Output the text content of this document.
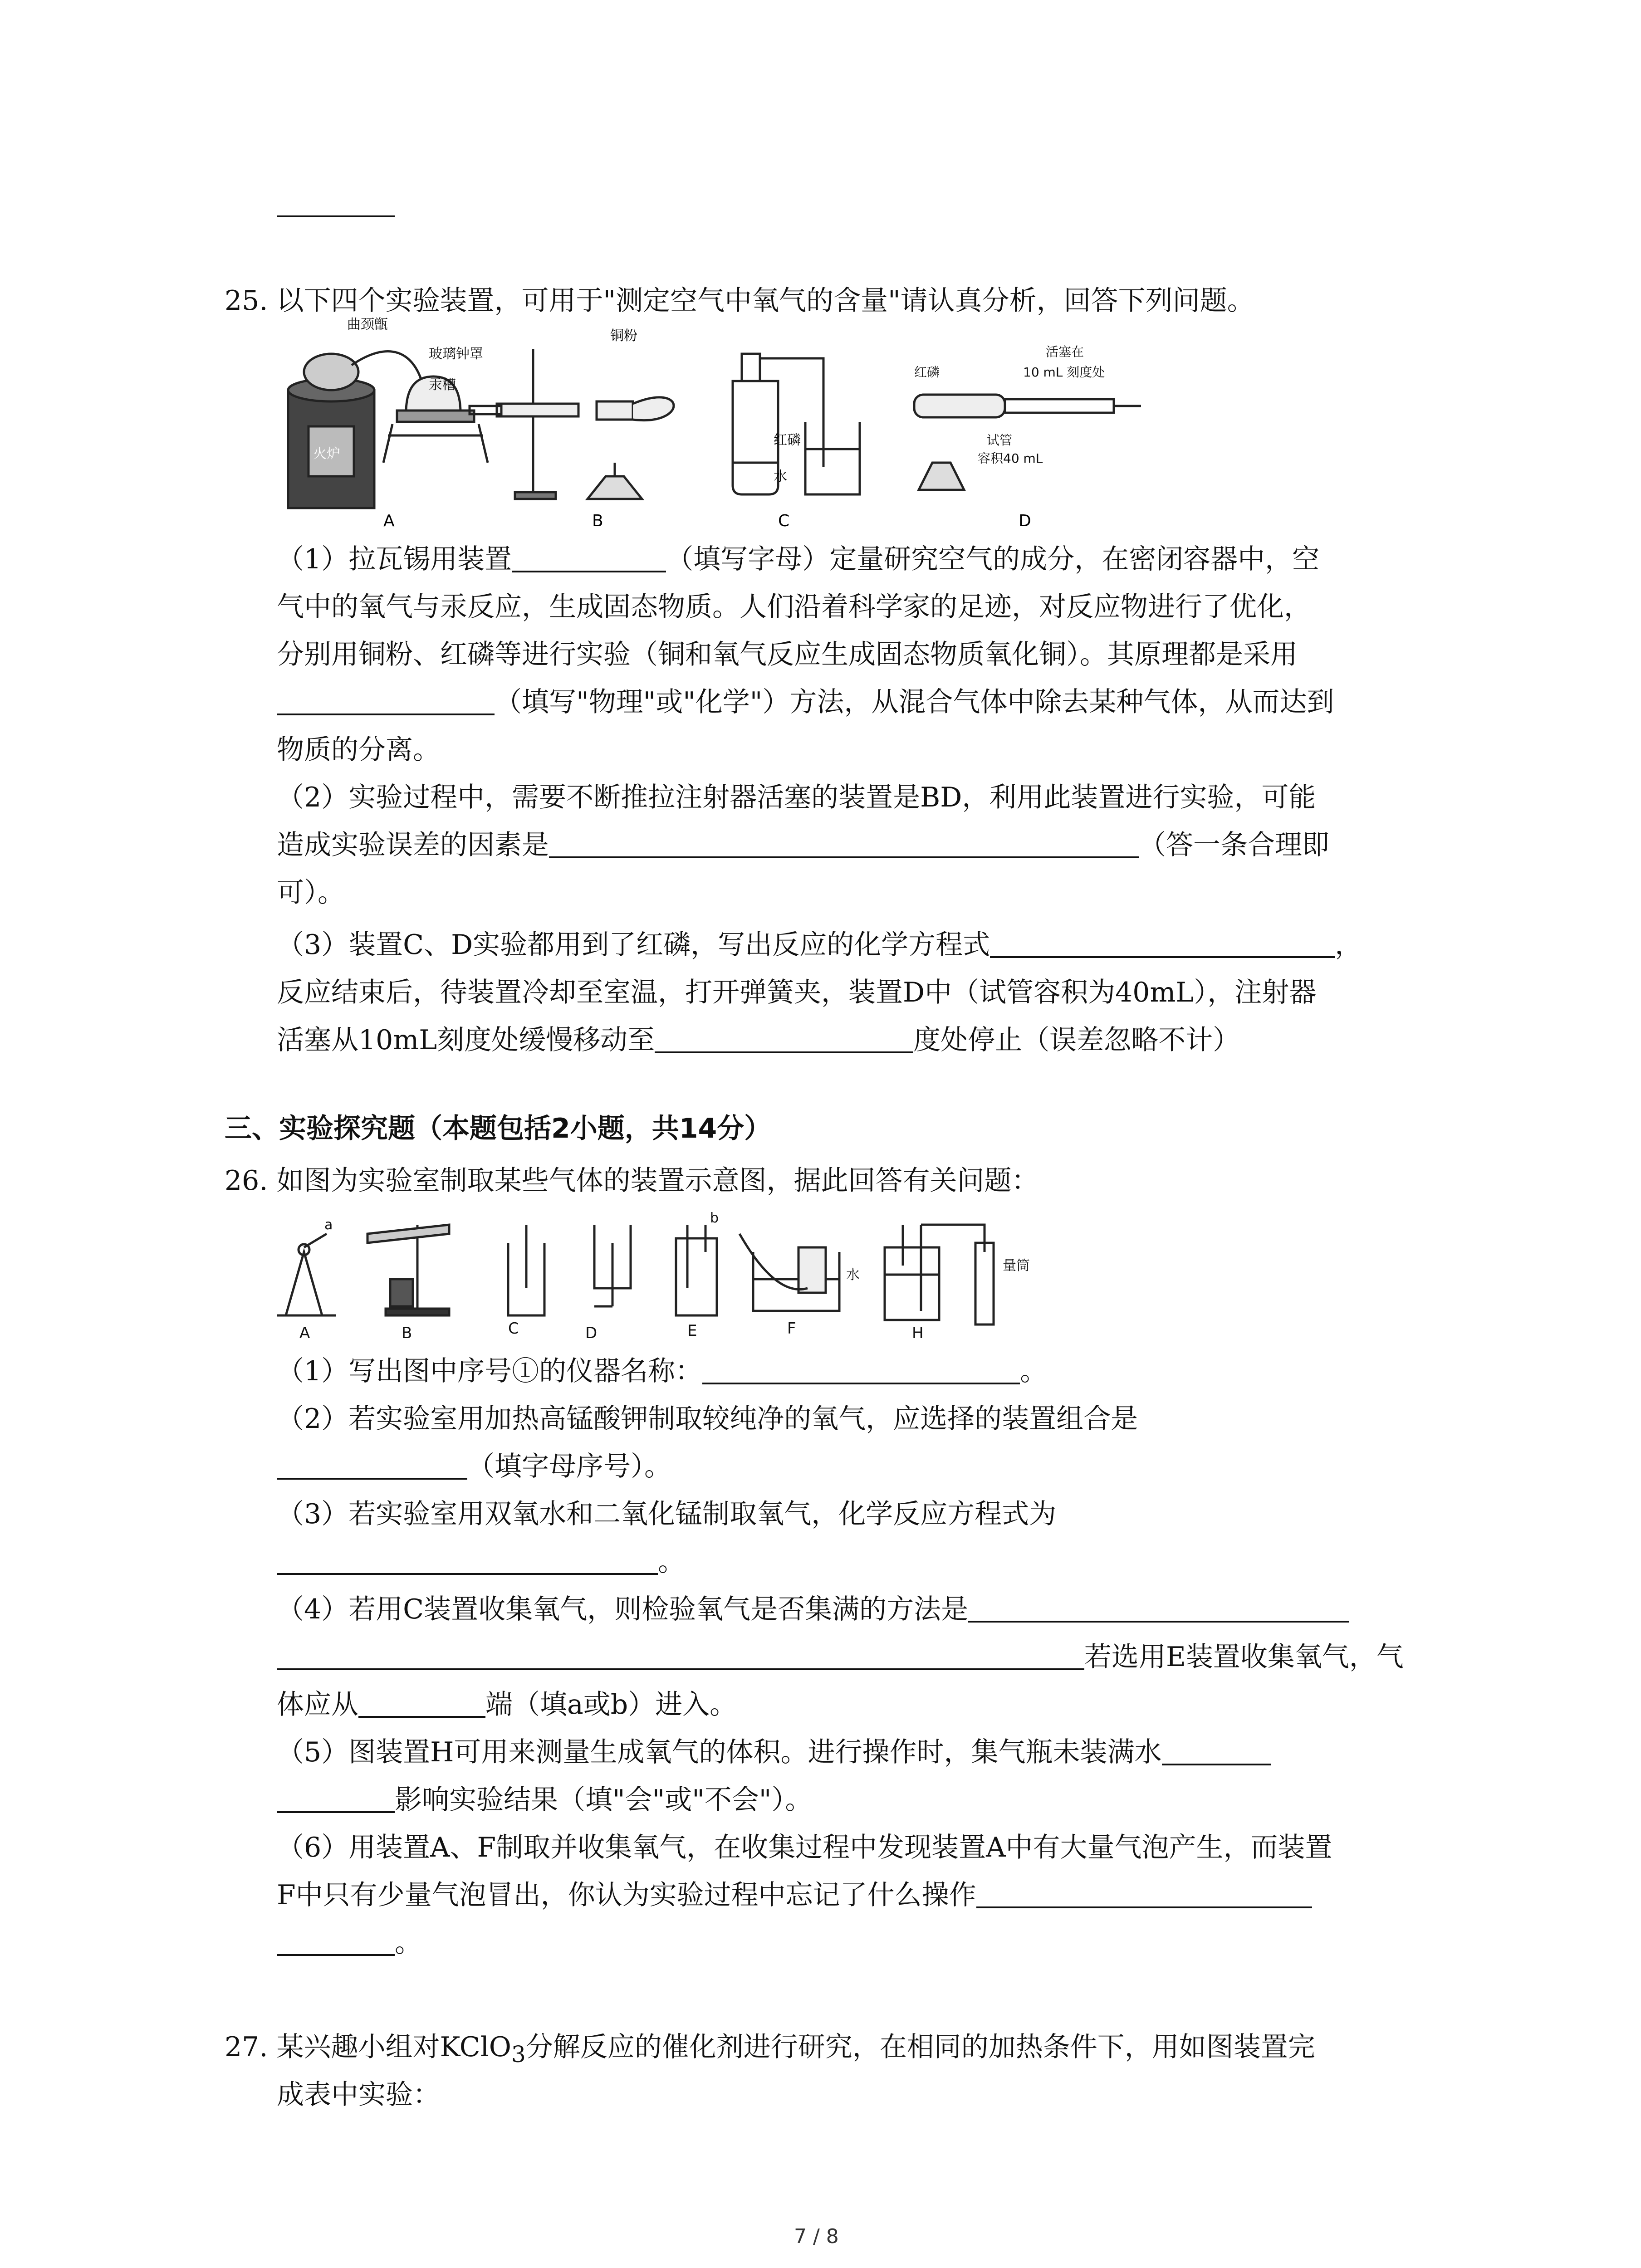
25. 以下四个实验装置，可用于"测定空气中氧气的含量"请认真分析，回答下列问题。
曲颈甑
玻璃钟罩
汞槽
火炉
A
铜粉
B
红磷
水
C
红磷
活塞在
10 mL 刻度处
试管
容积40 mL
D
（1）拉瓦锡用装置	（填写字母）定量研究空气的成分，在密闭容器中，空
气中的氧气与汞反应，生成固态物质。人们沿着科学家的足迹，对反应物进行了优化，
分别用铜粉、红磷等进行实验（铜和氧气反应生成固态物质氧化铜）。其原理都是采用
（填写"物理"或"化学"）方法，从混合气体中除去某种气体，从而达到
物质的分离。
（2）实验过程中，需要不断推拉注射器活塞的装置是BD，利用此装置进行实验，可能
造成实验误差的因素是	（答一条合理即
可）。
（3）装置C、D实验都用到了红磷，写出反应的化学方程式	，
反应结束后，待装置冷却至室温，打开弹簧夹，装置D中（试管容积为40mL），注射器
活塞从10mL刻度处缓慢移动至	度处停止（误差忽略不计）
三、实验探究题（本题包括2小题，共14分）
26. 如图为实验室制取某些气体的装置示意图，据此回答有关问题：
a	b
水
量筒
A	B	C	D	E	F	H
（1）写出图中序号①的仪器名称：	。
（2）若实验室用加热高锰酸钾制取较纯净的氧气，应选择的装置组合是
（填字母序号）。
（3）若实验室用双氧水和二氧化锰制取氧气，化学反应方程式为
。
（4）若用C装置收集氧气，则检验氧气是否集满的方法是
若选用E装置收集氧气，气
体应从	端（填a或b）进入。
（5）图装置H可用来测量生成氧气的体积。进行操作时，集气瓶未装满水
影响实验结果（填"会"或"不会"）。
（6）用装置A、F制取并收集氧气，在收集过程中发现装置A中有大量气泡产生，而装置
F中只有少量气泡冒出，你认为实验过程中忘记了什么操作
。
27. 某兴趣小组对KClO$_3$分解反应的催化剂进行研究，在相同的加热条件下，用如图装置完
成表中实验：
7 / 8
